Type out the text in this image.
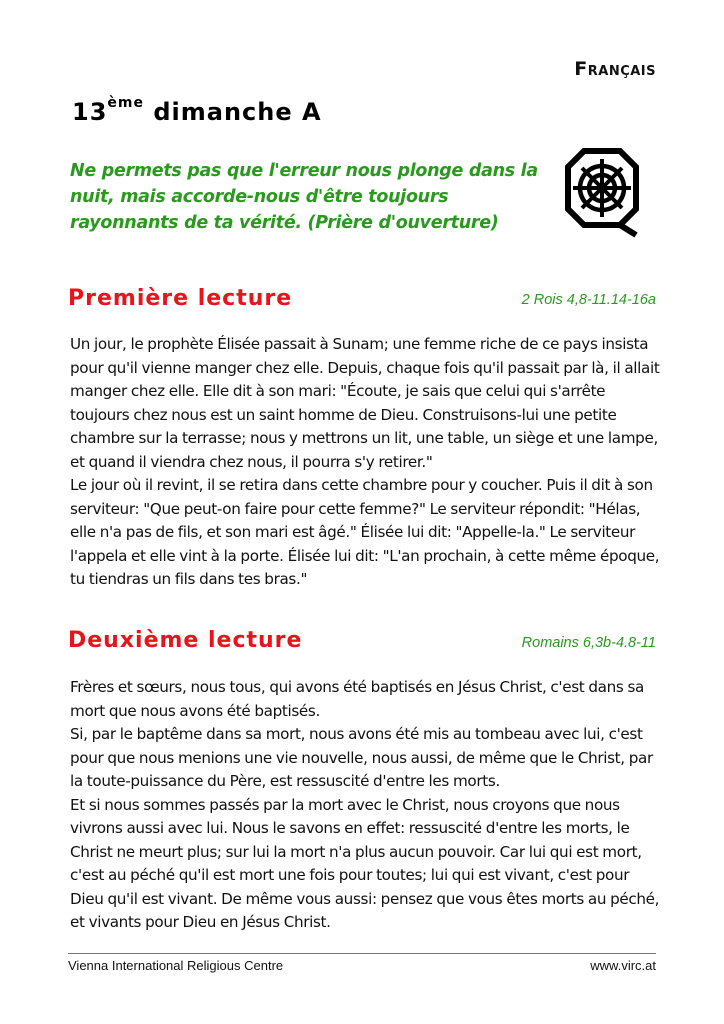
Français
13ème dimanche A
Ne permets pas que l'erreur nous plonge dans la nuit, mais accorde-nous d'être toujours rayonnants de ta vérité. (Prière d'ouverture)
Première lecture	2 Rois 4,8-11.14-16a

Un jour, le prophète Élisée passait à Sunam; une femme riche de ce pays insista pour qu'il vienne manger chez elle. Depuis, chaque fois qu'il passait par là, il allait manger chez elle. Elle dit à son mari: "Écoute, je sais que celui qui s'arrête toujours chez nous est un saint homme de Dieu. Construisons-lui une petite chambre sur la terrasse; nous y mettrons un lit, une table, un siège et une lampe, et quand il viendra chez nous, il pourra s'y retirer."

Le jour où il revint, il se retira dans cette chambre pour y coucher. Puis il dit à son serviteur: "Que peut-on faire pour cette femme?" Le serviteur répondit: "Hélas, elle n'a pas de fils, et son mari est âgé." Élisée lui dit: "Appelle-la." Le serviteur l'appela et elle vint à la porte. Élisée lui dit: "L'an prochain, à cette même époque, tu tiendras un fils dans tes bras."

Deuxième lecture	Romains 6,3b-4.8-11

Frères et sœurs, nous tous, qui avons été baptisés en Jésus Christ, c'est dans sa mort que nous avons été baptisés.

Si, par le baptême dans sa mort, nous avons été mis au tombeau avec lui, c'est pour que nous menions une vie nouvelle, nous aussi, de même que le Christ, par la toute-puissance du Père, est ressuscité d'entre les morts.

Et si nous sommes passés par la mort avec le Christ, nous croyons que nous vivrons aussi avec lui. Nous le savons en effet: ressuscité d'entre les morts, le Christ ne meurt plus; sur lui la mort n'a plus aucun pouvoir. Car lui qui est mort, c'est au péché qu'il est mort une fois pour toutes; lui qui est vivant, c'est pour Dieu qu'il est vivant. De même vous aussi: pensez que vous êtes morts au péché, et vivants pour Dieu en Jésus Christ.

Vienna International Religious Centre	www.virc.at
